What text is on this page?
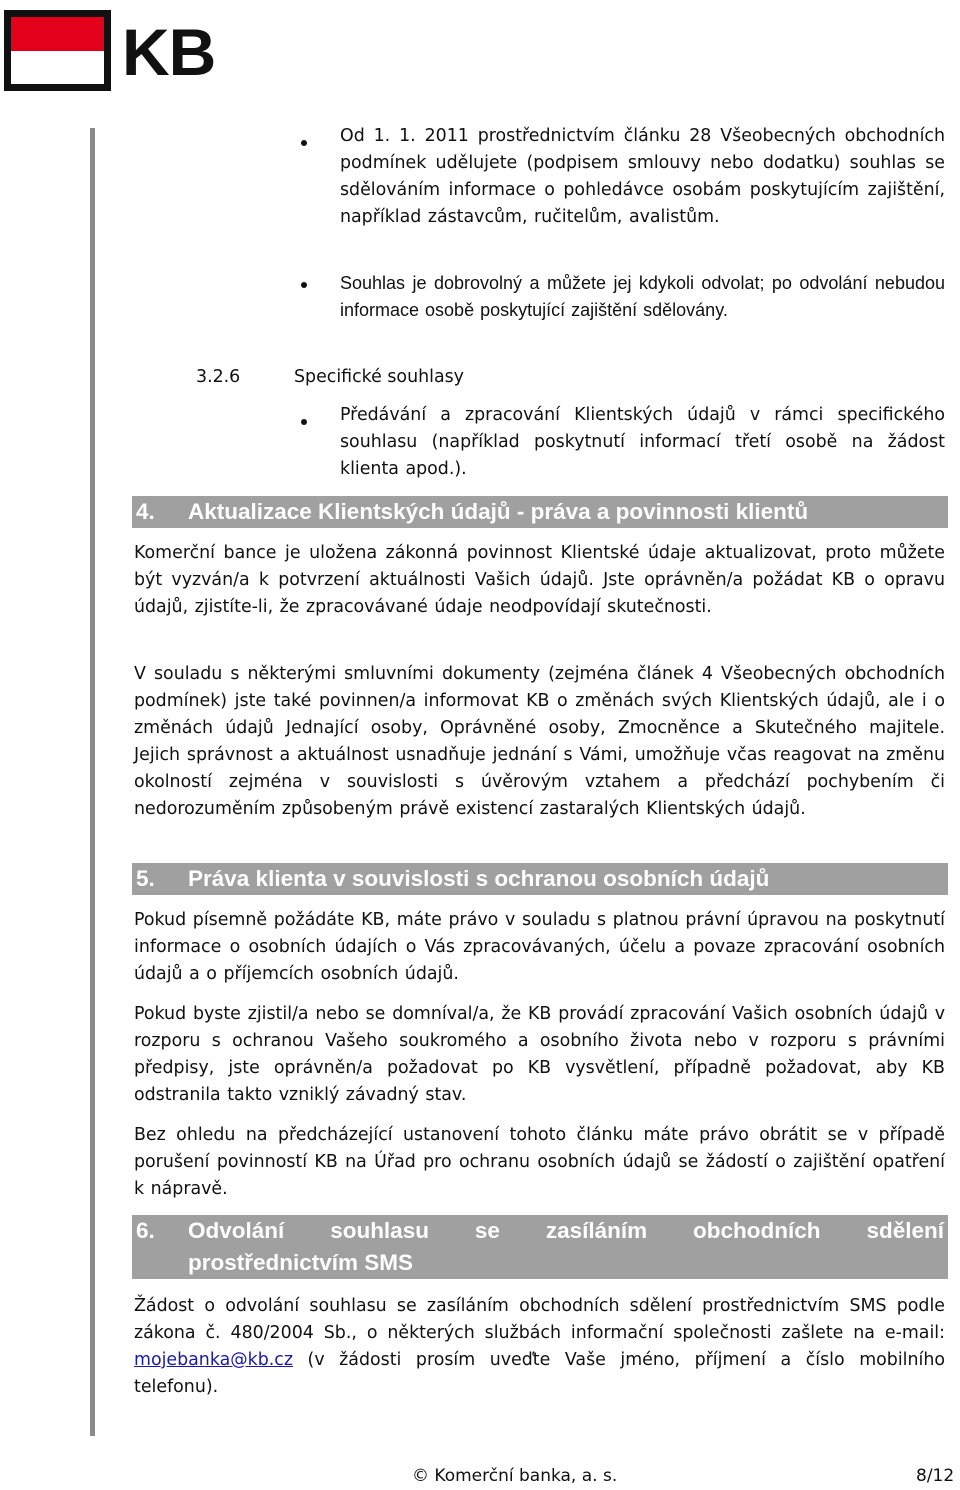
KB
Od 1. 1. 2011 prostřednictvím článku 28 Všeobecných obchodních podmínek udělujete (podpisem smlouvy nebo dodatku) souhlas se sdělováním informace o pohledávce osobám poskytujícím zajištění, například zástavcům, ručitelům, avalistům.
Souhlas je dobrovolný a můžete jej kdykoli odvolat; po odvolání nebudou informace osobě poskytující zajištění sdělovány.
3.2.6	Specifické souhlasy
Předávání a zpracování Klientských údajů v rámci specifického souhlasu (například poskytnutí informací třetí osobě na žádost klienta apod.).
4. Aktualizace Klientských údajů - práva a povinnosti klientů
Komerční bance je uložena zákonná povinnost Klientské údaje aktualizovat, proto můžete být vyzván/a k potvrzení aktuálnosti Vašich údajů. Jste oprávněn/a požádat KB o opravu údajů, zjistíte-li, že zpracovávané údaje neodpovídají skutečnosti.
V souladu s některými smluvními dokumenty (zejména článek 4 Všeobecných obchodních podmínek) jste také povinnen/a informovat KB o změnách svých Klientských údajů, ale i o změnách údajů Jednající osoby, Oprávněné osoby, Zmocněnce a Skutečného majitele. Jejich správnost a aktuálnost usnadňuje jednání s Vámi, umožňuje včas reagovat na změnu okolností zejména v souvislosti s úvěrovým vztahem a předchází pochybením či nedorozuměním způsobeným právě existencí zastaralých Klientských údajů.
5. Práva klienta v souvislosti s ochranou osobních údajů
Pokud písemně požádáte KB, máte právo v souladu s platnou právní úpravou na poskytnutí informace o osobních údajích o Vás zpracovávaných, účelu a povaze zpracování osobních údajů a o příjemcích osobních údajů.
Pokud byste zjistil/a nebo se domníval/a, že KB provádí zpracování Vašich osobních údajů v rozporu s ochranou Vašeho soukromého a osobního života nebo v rozporu s právními předpisy, jste oprávněn/a požadovat po KB vysvětlení, případně požadovat, aby KB odstranila takto vzniklý závadný stav.
Bez ohledu na předcházející ustanovení tohoto článku máte právo obrátit se v případě porušení povinností KB na Úřad pro ochranu osobních údajů se žádostí o zajištění opatření k nápravě.
6. Odvolání souhlasu se zasíláním obchodních sdělení
prostřednictvím SMS
Žádost o odvolání souhlasu se zasíláním obchodních sdělení prostřednictvím SMS podle zákona č. 480/2004 Sb., o některých službách informační společnosti zašlete na e-mail: mojebanka@kb.cz (v žádosti prosím uveďte Vaše jméno, příjmení a číslo mobilního telefonu).
© Komerční banka, a. s.	8/12
